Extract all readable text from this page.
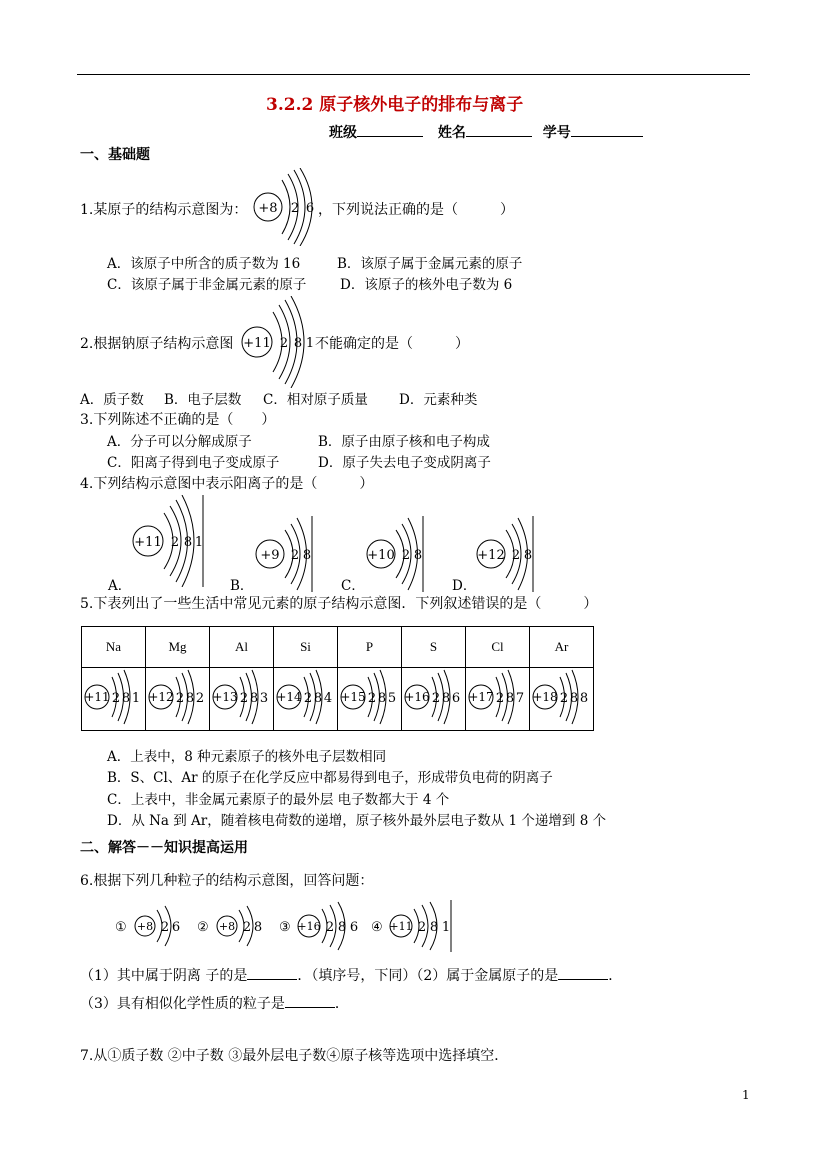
3.2.2 原子核外电子的排布与离子
班级	姓名	学号
一、基础题
1.某原子的结构示意图为： +8 2 6 ，下列说法正确的是（　　　）
A．该原子中所含的质子数为 16	B．该原子属于金属元素的原子
C．该原子属于非金属元素的原子 D．该原子的核外电子数为 6
2.根据钠原子结构示意图 +11 2 8 1 不能确定的是（　　　）
A．质子数 B．电子层数 C．相对原子质量 D．元素种类
3.下列陈述不正确的是（　　）
A．分子可以分解成原子	B．原子由原子核和电子构成
C．阳离子得到电子变成原子	D．原子失去电子变成阴离子
4.下列结构示意图中表示阳离子的是（　　　）
A．
+11 2 8 1
B．
+9 2 8
C．
+10 2 8
D．
+12 2 8
5.下表列出了一些生活中常见元素的原子结构示意图．下列叙述错误的是（　　　）
Na	Mg	Al	Si	P	S	Cl	Ar

+11 2 8 1	+12 2 8 2	+13 2 8 3	+14 2 8 4	+15 2 8 5	+16 2 8 6	+17 2 8 7	+18 2 8 8
A．上表中，8 种元素原子的核外电子层数相同
B．S、Cl、Ar 的原子在化学反应中都易得到电子，形成带负电荷的阴离子
C．上表中，非金属元素原子的最外层 电子数都大于 4 个
D．从 Na 到 Ar，随着核电荷数的递增，原子核外最外层电子数从 1 个递增到 8 个
二、解答－－知识提高运用
6.根据下列几种粒子的结构示意图，回答问题：
① +8 2 6 ② +8 2 8 ③ +16 2 8 6 ④ +11 2 8 1
（1）其中属于阴离 子的是	．（填序号，下同）（2）属于金属原子的是	．
（3）具有相似化学性质的粒子是	．
7.从①质子数 ②中子数 ③最外层电子数④原子核等选项中选择填空．
1
